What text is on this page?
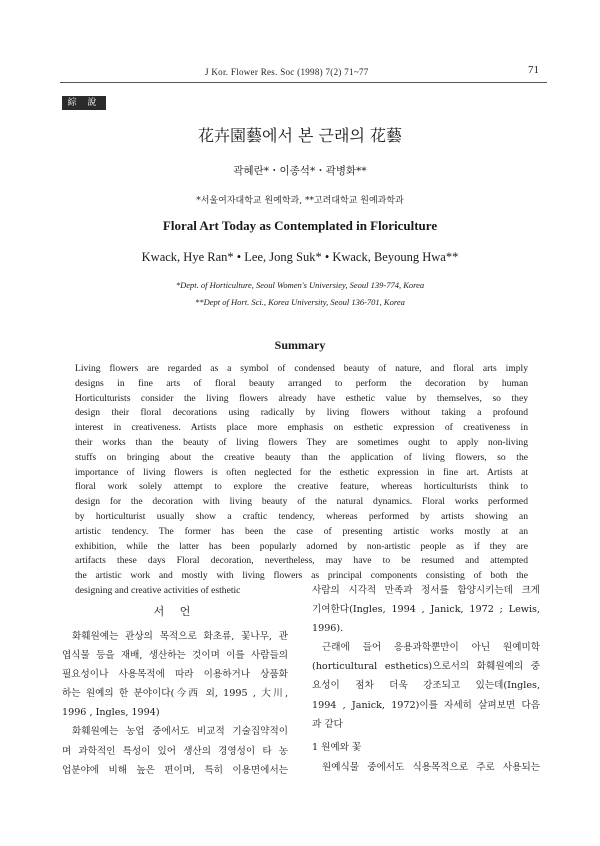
J Kor. Flower Res. Soc (1998) 7(2) 71~77	71
綜 說
花卉園藝에서 본 근래의 花藝
곽혜란*・이종석*・곽병화**
*서울여자대학교 원예학과, **고려대학교 원예과학과
Floral Art Today as Contemplated in Floriculture
Kwack, Hye Ran* • Lee, Jong Suk* • Kwack, Beyoung Hwa**
*Dept. of Horticulture, Seoul Women's Universiey, Seoul 139-774, Korea
**Dept of Hort. Sci., Korea University, Seoul 136-701, Korea
Summary
Living flowers are regarded as a symbol of condensed beauty of nature, and floral arts imply
designs in fine arts of floral beauty arranged to perform the decoration by human
Horticulturists consider the living flowers already have esthetic value by themselves, so they
design their floral decorations using radically by living flowers without taking a profound
interest in creativeness. Artists place more emphasis on esthetic expression of creativeness in
their works than the beauty of living flowers They are sometimes ought to apply non-living
stuffs on bringing about the creative beauty than the application of living flowers, so the
importance of living flowers is often neglected for the esthetic expression in fine art. Artists at
floral work solely attempt to explore the creative feature, whereas horticulturists think to
design for the decoration with living beauty of the natural dynamics. Floral works performed
by horticulturist usually show a craftic tendency, whereas performed by artists showing an
artistic tendency. The former has been the case of presenting artistic works mostly at an
exhibition, while the latter has been popularly adorned by non-artistic people as if they are
artifacts these days Floral decoration, nevertheless, may have to be resumed and attempted
the artistic work and mostly with living flowers as principal components consisting of both the
designing and creative activities of esthetic
서 언
화훼원예는 관상의 목적으로 화초류, 꽃나무, 관
엽식물 등을 재배, 생산하는 것이며 이를 사람들의
필요성이나 사용목적에 따라 이용하거나 상품화
하는 원예의 한 분야이다(今西 외, 1995 , 大川,
1996 , Ingles, 1994)
화훼원예는 농업 중에서도 비교적 기술집약적이
며 과학적인 특성이 있어 생산의 경영성이 타 농
업분야에 비해 높은 편이며, 특히 이용면에서는
사람의 시각적 만족과 정서를 함양시키는데 크게
기여한다(Ingles, 1994 , Janick, 1972 ; Lewis,
1996).
근래에 들어 응용과학뿐만이 아닌 원예미학
(horticultural esthetics)으로서의 화훼원예의 중
요성이 점차 더욱 강조되고 있는데(Ingles,
1994 , Janick, 1972)이를 자세히 살펴보면 다음
과 같다
1 원예와 꽃
원예식물 중에서도 식용목적으로 주로 사용되는
